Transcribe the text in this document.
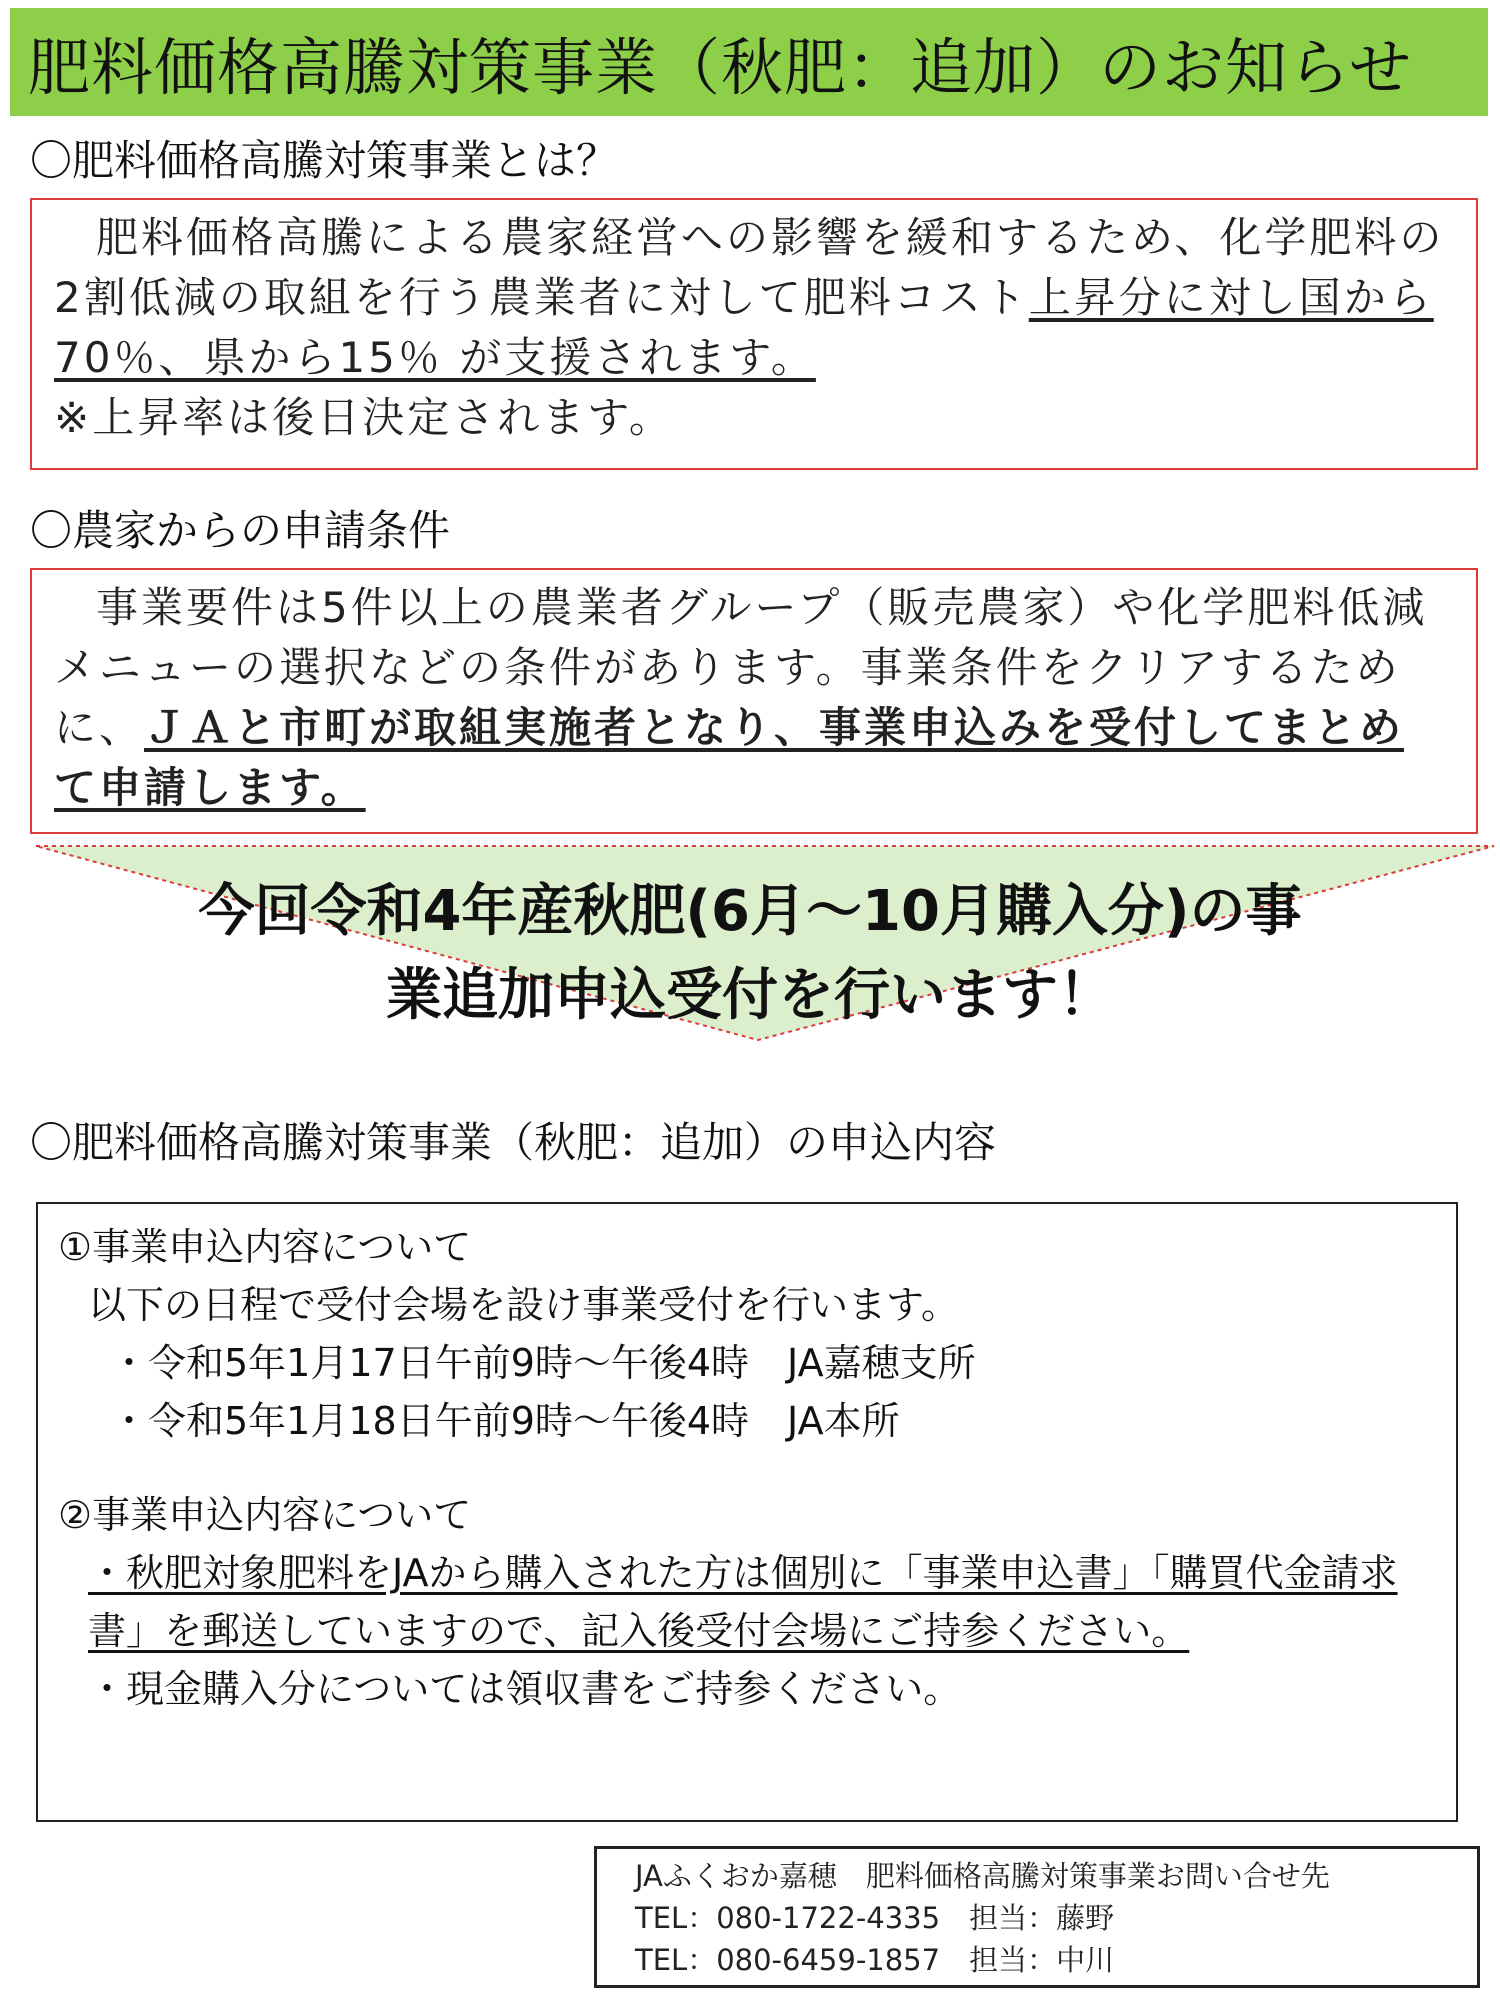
肥料価格高騰対策事業（秋肥：追加）のお知らせ
〇肥料価格高騰対策事業とは？

肥料価格高騰による農家経営への影響を緩和するため、化学肥料の2割低減の取組を行う農業者に対して肥料コスト上昇分に対し国から70％、県から15％ が支援されます。

※上昇率は後日決定されます。

〇農家からの申請条件

事業要件は5件以上の農業者グループ（販売農家）や化学肥料低減メニューの選択などの条件があります。事業条件をクリアするために、ＪＡと市町が取組実施者となり、事業申込みを受付してまとめて申請します。

今回令和4年産秋肥(6月～10月購入分)の事
業追加申込受付を行います！
〇肥料価格高騰対策事業（秋肥：追加）の申込内容

①事業申込内容について

以下の日程で受付会場を設け事業受付を行います。

・令和5年1月17日午前9時～午後4時　JA嘉穂支所

・令和5年1月18日午前9時～午後4時　JA本所

②事業申込内容について

・秋肥対象肥料をJAから購入された方は個別に「事業申込書」「購買代金請求書」を郵送していますので、記入後受付会場にご持参ください。

・現金購入分については領収書をご持参ください。

JAふくおか嘉穂　肥料価格高騰対策事業お問い合せ先

TEL：080-1722-4335　担当：藤野

TEL：080-6459-1857　担当：中川
